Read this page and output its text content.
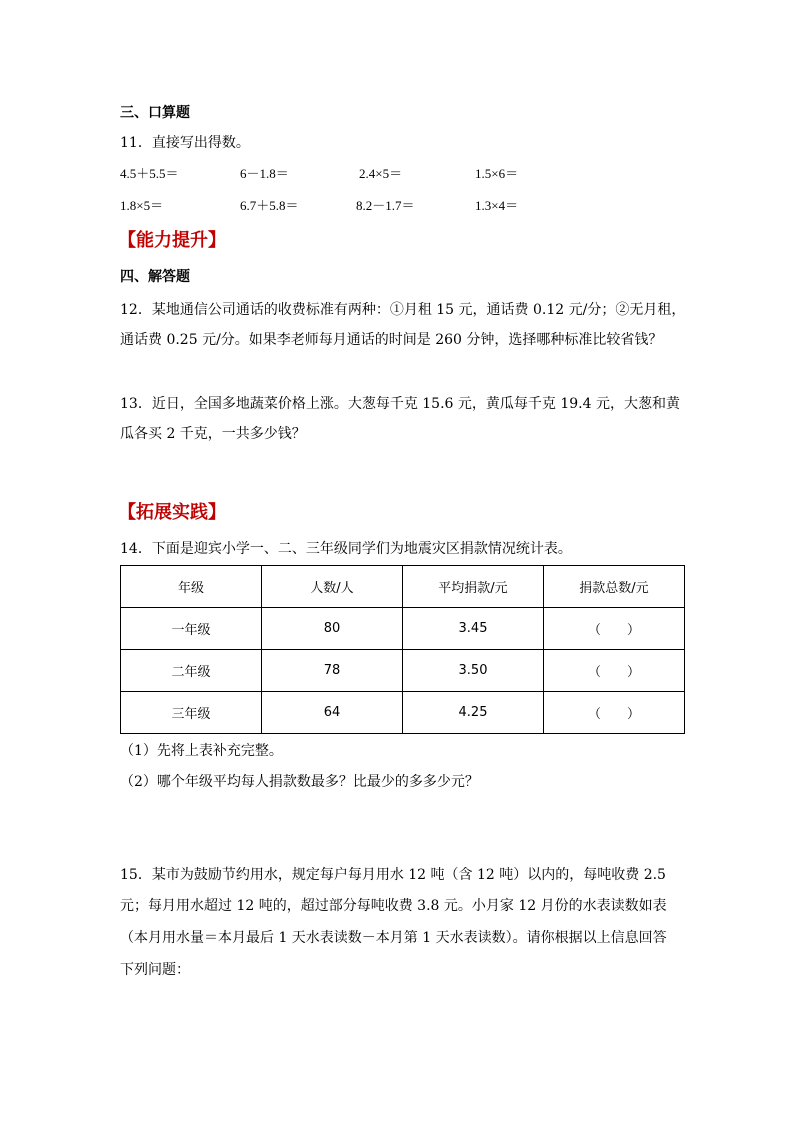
三、口算题
11．直接写出得数。
4.5＋5.5＝	6－1.8＝	2.4×5＝	1.5×6＝
1.8×5＝	6.7＋5.8＝	8.2－1.7＝	1.3×4＝
【能力提升】
四、解答题
12．某地通信公司通话的收费标准有两种：①月租 15 元，通话费 0.12 元/分；②无月租，
通话费 0.25 元/分。如果李老师每月通话的时间是 260 分钟，选择哪种标准比较省钱？
13．近日，全国多地蔬菜价格上涨。大葱每千克 15.6 元，黄瓜每千克 19.4 元，大葱和黄
瓜各买 2 千克，一共多少钱？
【拓展实践】
14．下面是迎宾小学一、二、三年级同学们为地震灾区捐款情况统计表。
年级	人数/人	平均捐款/元	捐款总数/元
一年级	80	3.45	（　　）
二年级	78	3.50	（　　）
三年级	64	4.25	（　　）
（1）先将上表补充完整。
（2）哪个年级平均每人捐款数最多？比最少的多多少元？
15．某市为鼓励节约用水，规定每户每月用水 12 吨（含 12 吨）以内的，每吨收费 2.5
元；每月用水超过 12 吨的，超过部分每吨收费 3.8 元。小月家 12 月份的水表读数如表
（本月用水量＝本月最后 1 天水表读数－本月第 1 天水表读数）。请你根据以上信息回答
下列问题：
